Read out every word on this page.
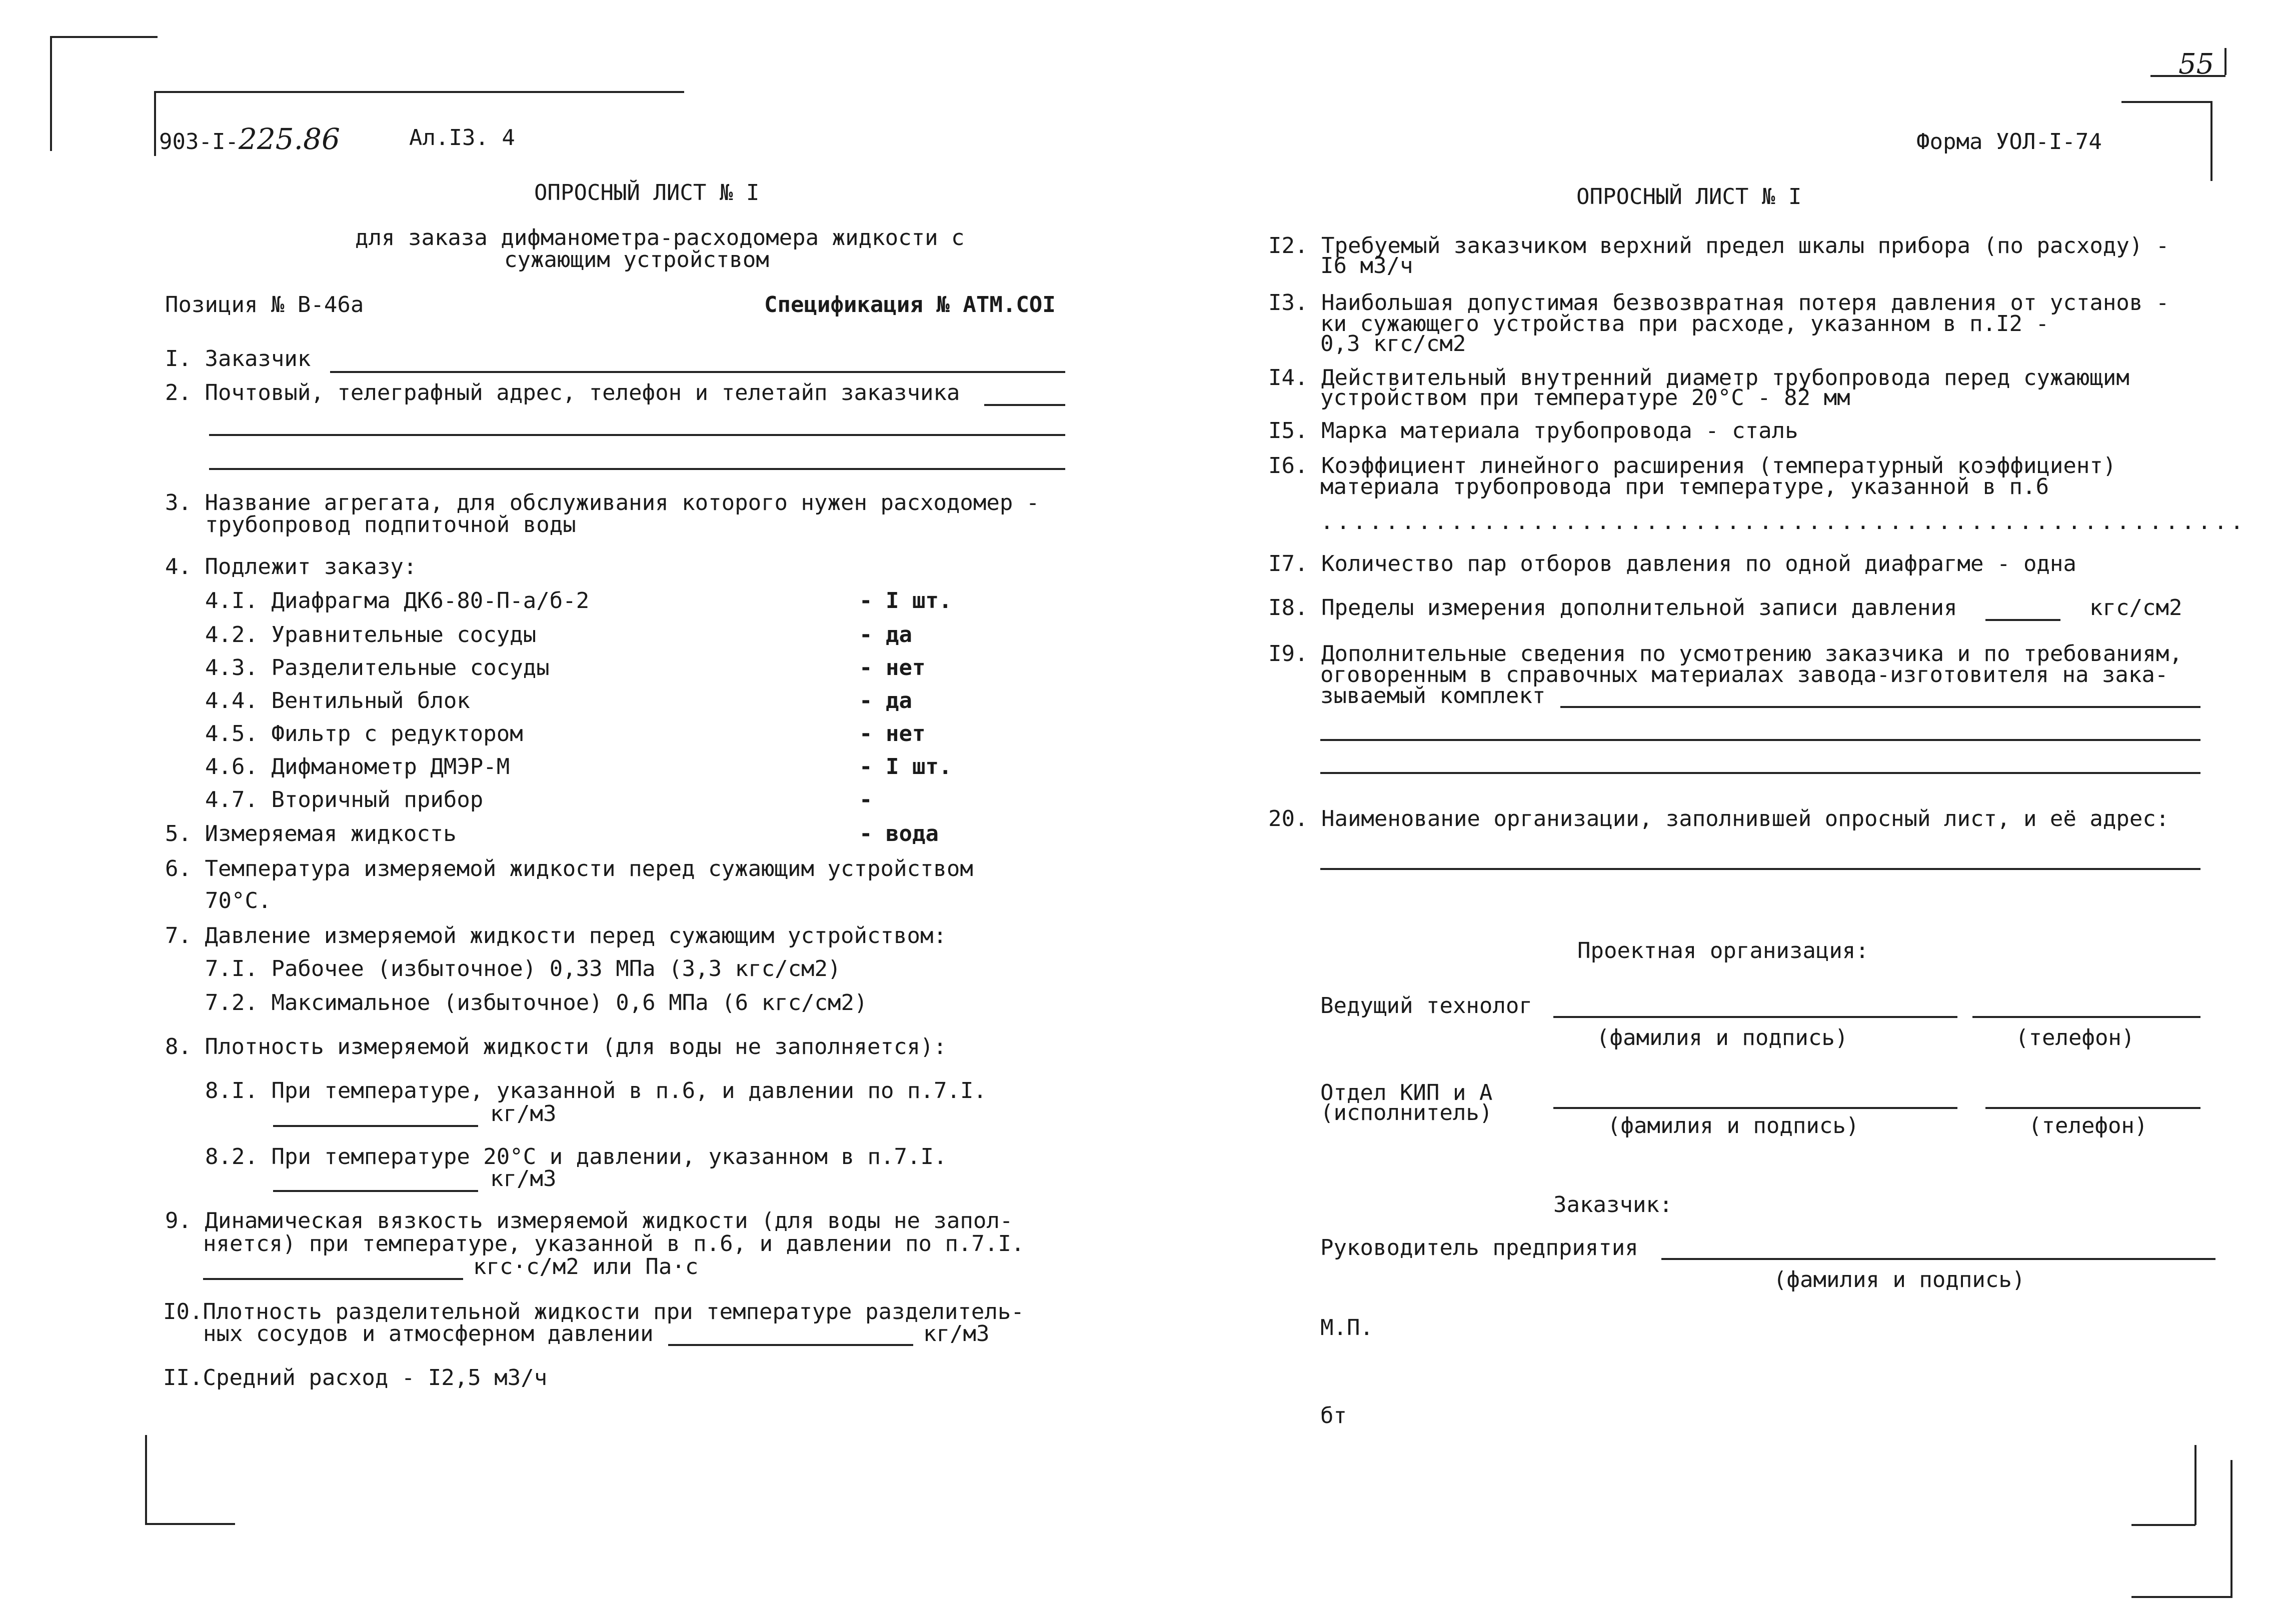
55
903-I-225.86	Ал.I3. 4
ОПРОСНЫЙ ЛИСТ № I
для заказа дифманометра-расходомера жидкости с
сужающим устройством
Позиция № В-46а	Спецификация № АТМ.СОI
I. Заказчик
2. Почтовый, телеграфный адрес, телефон и телетайп заказчика
3. Название агрегата, для обслуживания которого нужен расходомер -
трубопровод подпиточной воды
4. Подлежит заказу:
4.I. Диафрагма ДК6-80-П-а/б-2	- I шт.
4.2. Уравнительные сосуды	- да
4.3. Разделительные сосуды	- нет
4.4. Вентильный блок	- да
4.5. Фильтр с редуктором	- нет
4.6. Дифманометр ДМЭР-М	- I шт.
4.7. Вторичный прибор	-
5. Измеряемая жидкость	- вода
6. Температура измеряемой жидкости перед сужающим устройством
70°С.
7. Давление измеряемой жидкости перед сужающим устройством:
7.I. Рабочее (избыточное) 0,33 МПа (3,3 кгс/см2)
7.2. Максимальное (избыточное) 0,6 МПа (6 кгс/см2)
8. Плотность измеряемой жидкости (для воды не заполняется):
8.I. При температуре, указанной в п.6, и давлении по п.7.I.
кг/м3
8.2. При температуре 20°С и давлении, указанном в п.7.I.
кг/м3
9. Динамическая вязкость измеряемой жидкости (для воды не запол-
няется) при температуре, указанной в п.6, и давлении по п.7.I.
кгс·с/м2 или Па·с
I0.Плотность разделительной жидкости при температуре разделитель-
ных сосудов и атмосферном давлении	кг/м3
II.Средний расход - I2,5 м3/ч
Форма УОЛ-I-74
ОПРОСНЫЙ ЛИСТ № I
I2. Требуемый заказчиком верхний предел шкалы прибора (по расходу) -
I6 м3/ч
I3. Наибольшая допустимая безвозвратная потеря давления от установ -
ки сужающего устройства при расходе, указанном в п.I2 -
0,3 кгс/см2
I4. Действительный внутренний диаметр трубопровода перед сужающим
устройством при температуре 20°С - 82 мм
I5. Марка материала трубопровода - сталь
I6. Коэффициент линейного расширения (температурный коэффициент)
материала трубопровода при температуре, указанной в п.6
.........................................................
I7. Количество пар отборов давления по одной диафрагме - одна
I8. Пределы измерения дополнительной записи давления	кгс/см2
I9. Дополнительные сведения по усмотрению заказчика и по требованиям,
оговоренным в справочных материалах завода-изготовителя на зака-
зываемый комплект
20. Наименование организации, заполнившей опросный лист, и её адрес:
Проектная организация:
Ведущий технолог
(фамилия и подпись)	(телефон)
Отдел КИП и А
(исполнитель)
(фамилия и подпись)	(телефон)
Заказчик:
Руководитель предприятия
(фамилия и подпись)
М.П.
бт
